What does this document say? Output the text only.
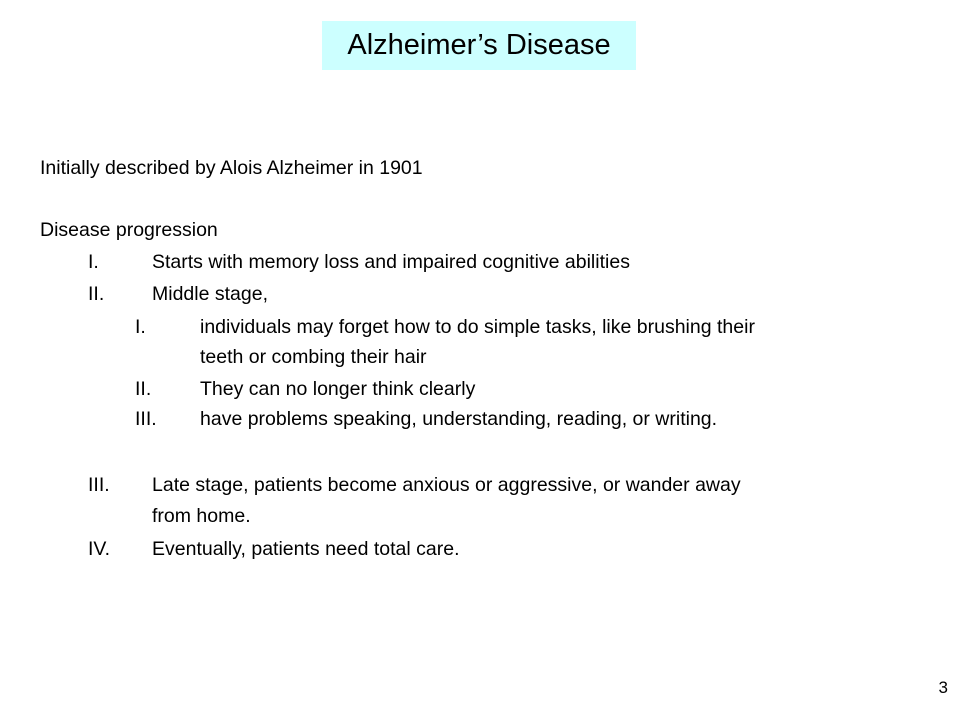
Alzheimer’s Disease
Initially described by Alois Alzheimer in 1901
Disease progression
I.	Starts with memory loss and impaired cognitive abilities
II. Middle stage,
I.	individuals may forget how to do simple tasks, like brushing their
teeth or combing their hair
II. They can no longer think clearly
III. have problems speaking, understanding, reading, or writing.
III. Late stage, patients become anxious or aggressive, or wander away
from home.
IV. Eventually, patients need total care.
3
